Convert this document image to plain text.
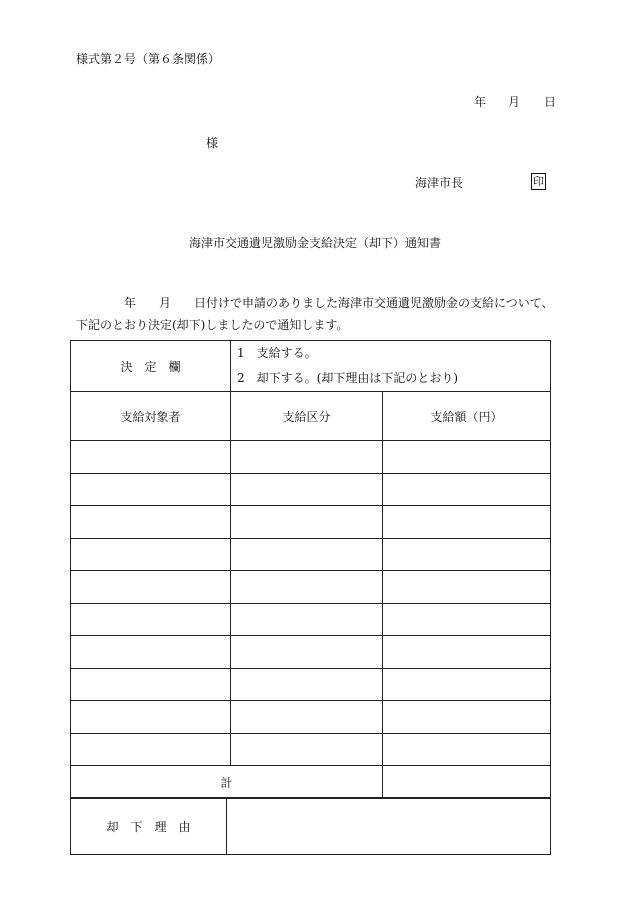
様式第２号（第６条関係）
年 月 日
様
海津市長	印
海津市交通遺児激励金支給決定（却下）通知書
年 月 日付けで申請のありました海津市交通遺児激励金の支給について、
下記のとおり決定(却下)しましたので通知します。
決　定　欄	1　支給する。
2　却下する。(却下理由は下記のとおり)	

支給対象者	支給区分	支給額（円）

計		
却　下　理　由	
